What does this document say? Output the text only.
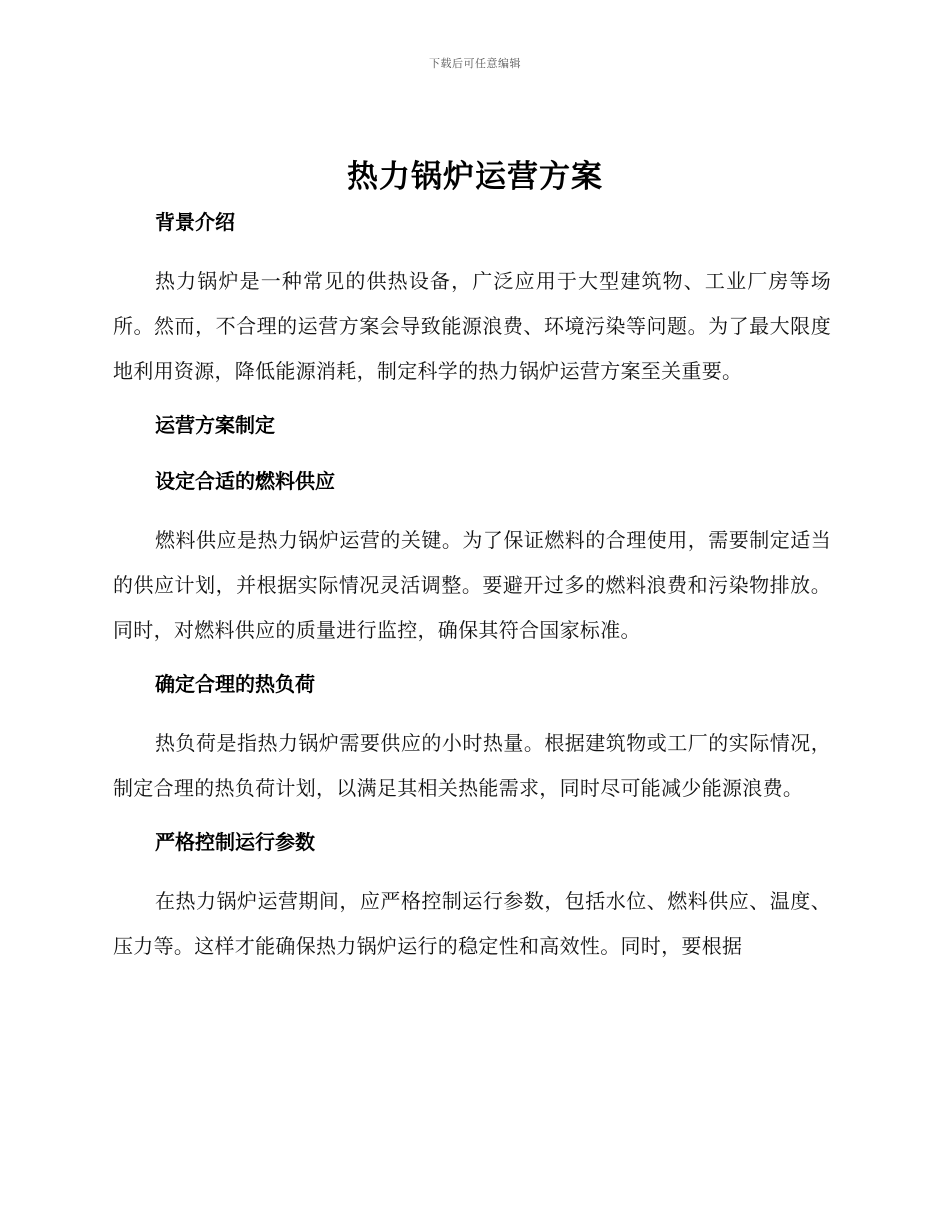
下载后可任意编辑
热力锅炉运营方案
背景介绍

热力锅炉是一种常见的供热设备，广泛应用于大型建筑物、工业厂房等场所。然而，不合理的运营方案会导致能源浪费、环境污染等问题。为了最大限度地利用资源，降低能源消耗，制定科学的热力锅炉运营方案至关重要。

运营方案制定
设定合适的燃料供应

燃料供应是热力锅炉运营的关键。为了保证燃料的合理使用，需要制定适当的供应计划，并根据实际情况灵活调整。要避开过多的燃料浪费和污染物排放。同时，对燃料供应的质量进行监控，确保其符合国家标准。

确定合理的热负荷

热负荷是指热力锅炉需要供应的小时热量。根据建筑物或工厂的实际情况，制定合理的热负荷计划，以满足其相关热能需求，同时尽可能减少能源浪费。

严格控制运行参数

在热力锅炉运营期间，应严格控制运行参数，包括水位、燃料供应、温度、压力等。这样才能确保热力锅炉运行的稳定性和高效性。同时，要根据
